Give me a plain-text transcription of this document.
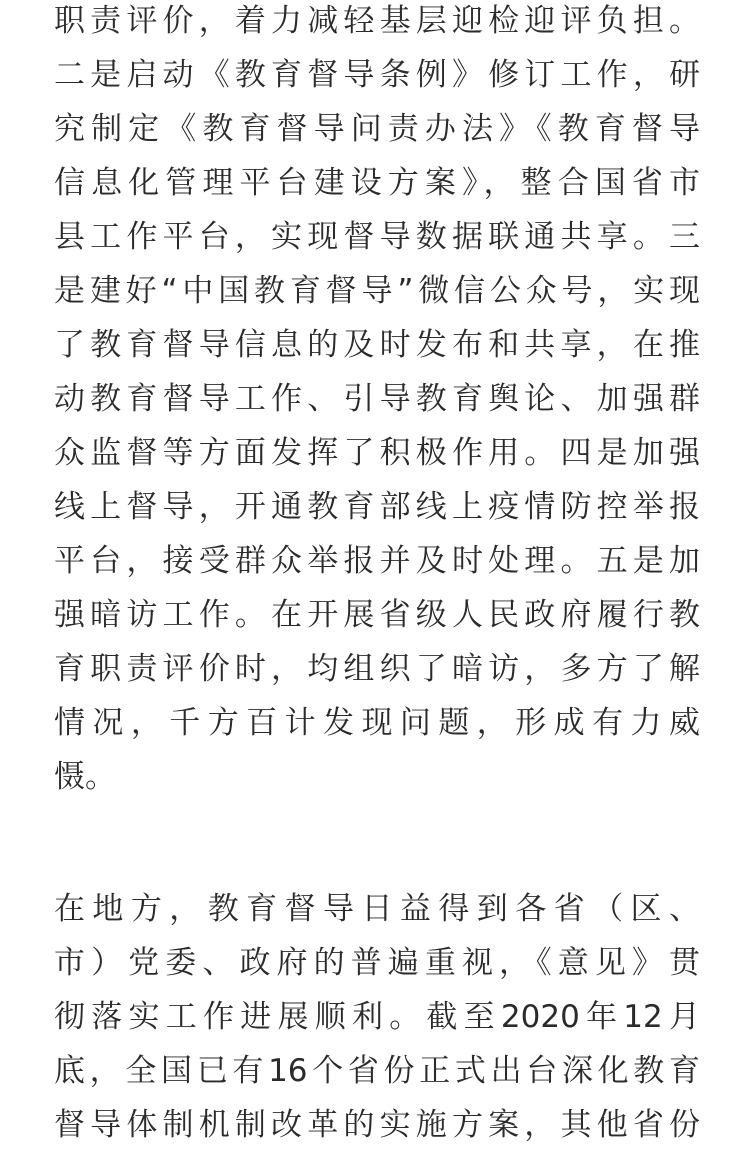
职责评价，着力减轻基层迎检迎评负担。
二是启动《教育督导条例》修订工作，研
究制定《教育督导问责办法》《教育督导
信息化管理平台建设方案》，整合国省市
县工作平台，实现督导数据联通共享。三
是建好“中国教育督导”微信公众号，实现
了教育督导信息的及时发布和共享，在推
动教育督导工作、引导教育舆论、加强群
众监督等方面发挥了积极作用。四是加强
线上督导，开通教育部线上疫情防控举报
平台，接受群众举报并及时处理。五是加
强暗访工作。在开展省级人民政府履行教
育职责评价时，均组织了暗访，多方了解
情况，千方百计发现问题，形成有力威
慑。
在地方，教育督导日益得到各省（区、
市）党委、政府的普遍重视，《意见》贯
彻落实工作进展顺利。截至2020年12月
底，全国已有16个省份正式出台深化教育
督导体制机制改革的实施方案，其他省份
